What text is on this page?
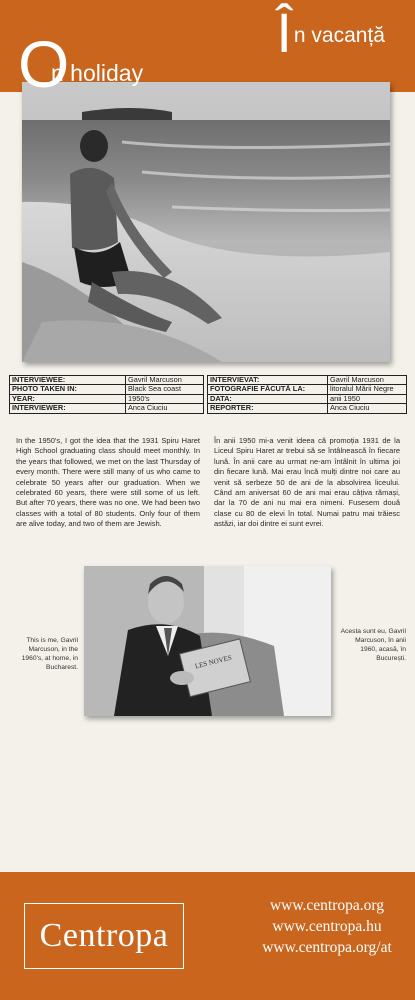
On holiday
În vacanță
INTERVIEWEE:	Gavril Marcuson
PHOTO TAKEN IN:	Black Sea coast
YEAR:	1950's
INTERVIEWER:	Anca Ciuciu
INTERVIEVAT:	Gavril Marcuson
FOTOGRAFIE FĂCUTĂ LA:	litoralul Mării Negre
DATA:	anii 1950
REPORTER:	Anca Ciuciu

In the 1950's, I got the idea that the 1931 Spiru Haret High School graduating class should meet monthly. In the years that followed, we met on the last Thursday of every month. There were still many of us who came to celebrate 50 years after our graduation. When we celebrated 60 years, there were still some of us left. But after 70 years, there was no one. We had been two classes with a total of 80 students. Only four of them are alive today, and two of them are Jewish.

În anii 1950 mi-a venit ideea că promoția 1931 de la Liceul Spiru Haret ar trebui să se întâlnească în fiecare lună. În anii care au urmat ne-am întâlnit în ultima joi din fiecare lună. Mai erau încă mulți dintre noi care au venit să serbeze 50 de ani de la absolvirea liceului. Când am aniversat 60 de ani mai erau câțiva rămași, dar la 70 de ani nu mai era nimeni. Fusesem două clase cu 80 de elevi în total. Numai patru mai trăiesc astăzi, iar doi dintre ei sunt evrei.

LES NOVES

This is me, Gavril Marcuson, in the 1960's, at home, in Bucharest.

Acesta sunt eu, Gavril Marcuson, în anii 1960, acasă, în București.

Centropa
www.centropa.org
www.centropa.hu
www.centropa.org/at
